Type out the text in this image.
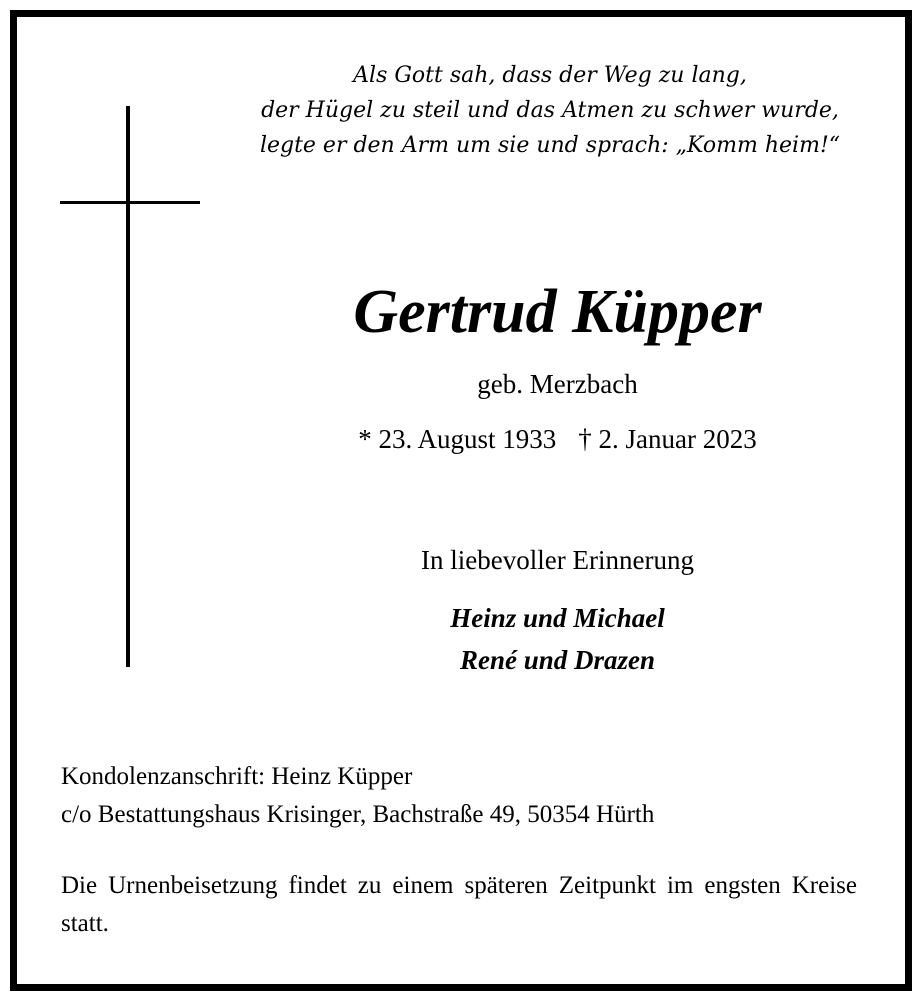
Als Gott sah, dass der Weg zu lang,
der Hügel zu steil und das Atmen zu schwer wurde,
legte er den Arm um sie und sprach: „Komm heim!“
Gertrud Küpper
geb. Merzbach
* 23. August 1933 † 2. Januar 2023
In liebevoller Erinnerung
Heinz und Michael
René und Drazen
Kondolenzanschrift: Heinz Küpper
c/o Bestattungshaus Krisinger, Bachstraße 49, 50354 Hürth
Die Urnenbeisetzung findet zu einem späteren Zeitpunkt im engsten Kreise statt.
